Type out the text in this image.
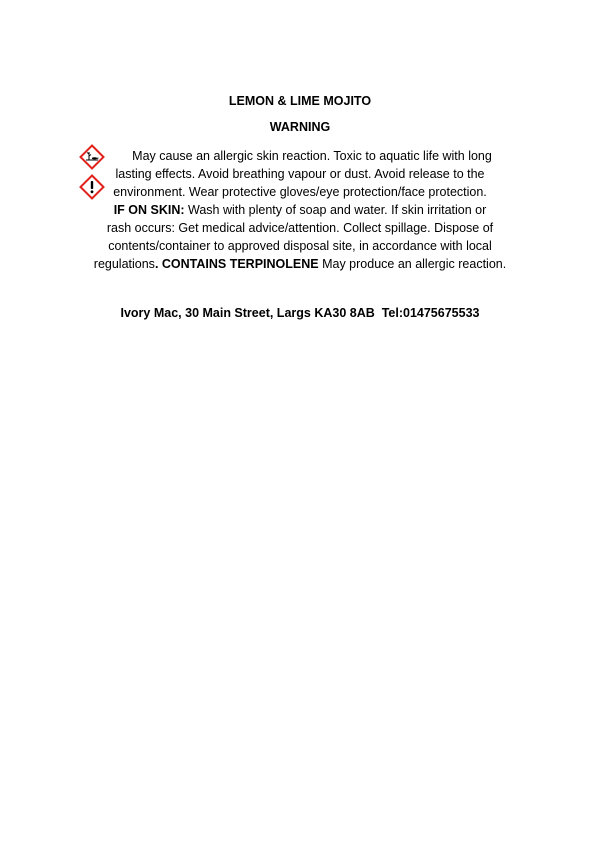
LEMON & LIME MOJITO
WARNING
May cause an allergic skin reaction. Toxic to aquatic life with long
lasting effects. Avoid breathing vapour or dust. Avoid release to the
environment. Wear protective gloves/eye protection/face protection.
IF ON SKIN: Wash with plenty of soap and water. If skin irritation or
rash occurs: Get medical advice/attention. Collect spillage. Dispose of
contents/container to approved disposal site, in accordance with local
regulations. CONTAINS TERPINOLENE May produce an allergic reaction.
Ivory Mac, 30 Main Street, Largs KA30 8AB  Tel:01475675533
